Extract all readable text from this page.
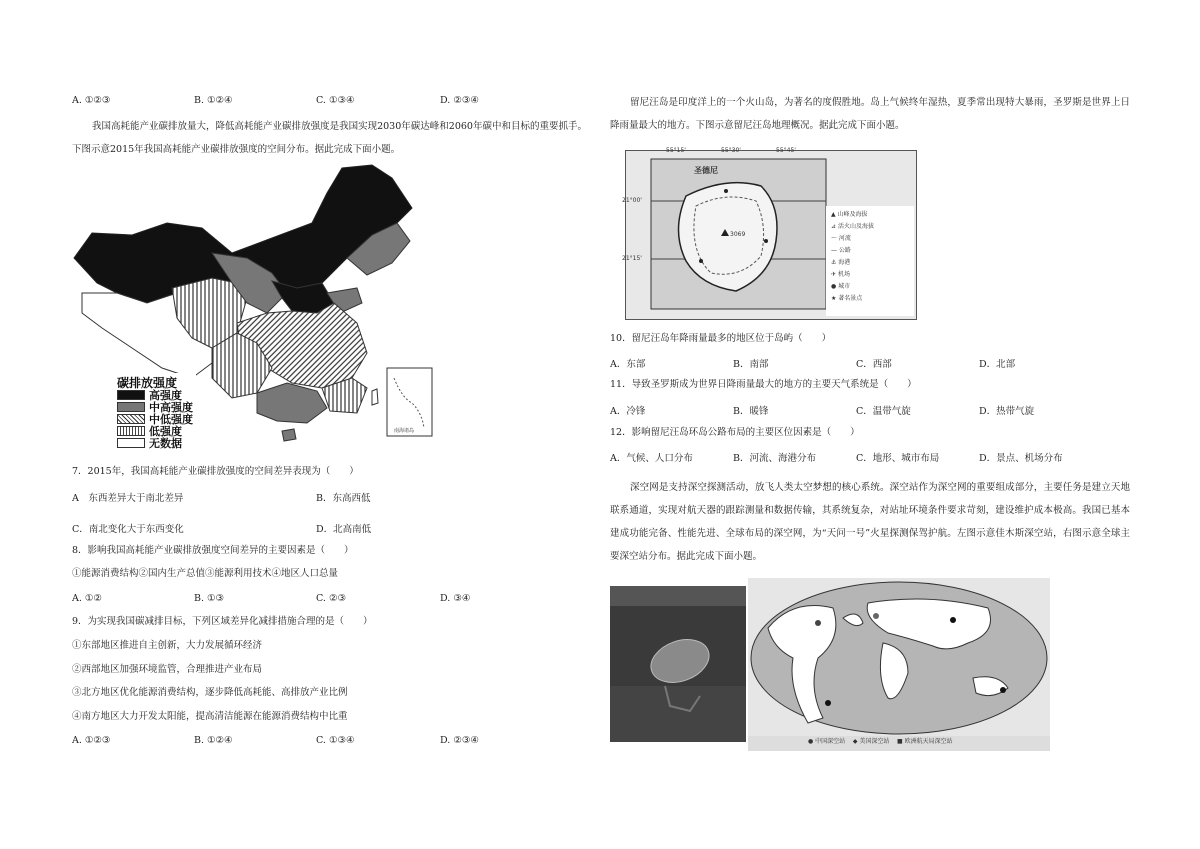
A. ①②③	B. ①②④	C. ①③④	D. ②③④
我国高耗能产业碳排放量大，降低高耗能产业碳排放强度是我国实现2030年碳达峰和2060年碳中和目标的重要抓手。下图示意2015年我国高耗能产业碳排放强度的空间分布。据此完成下面小题。
南海诸岛
碳排放强度
高强度
中高强度
中低强度
低强度
无数据
7．2015年，我国高耗能产业碳排放强度的空间差异表现为（　　）
A　东西差异大于南北差异	B．东高西低
C．南北变化大于东西变化	D．北高南低
8．影响我国高耗能产业碳排放强度空间差异的主要因素是（　　）
①能源消费结构②国内生产总值③能源利用技术④地区人口总量
A. ①②	B. ①③	C. ②③	D. ③④
9．为实现我国碳减排目标，下列区域差异化减排措施合理的是（　　）
①东部地区推进自主创新，大力发展循环经济
②西部地区加强环境监管，合理推进产业布局
③北方地区优化能源消费结构，逐步降低高耗能、高排放产业比例
④南方地区大力开发太阳能，提高清洁能源在能源消费结构中比重
A. ①②③	B. ①②④	C. ①③④	D. ②③④
留尼汪岛是印度洋上的一个火山岛，为著名的度假胜地。岛上气候终年湿热，夏季常出现特大暴雨，圣罗斯是世界上日降雨量最大的地方。下图示意留尼汪岛地理概况。据此完成下面小题。
55°15'	55°30'	55°45'
21°00'
21°15'
圣德尼
3069
▲ 山峰及海拔
⊿ 活火山及海拔
～ 河流
— 公路
⚓ 海港
✈ 机场
● 城市
★ 著名景点
10．留尼汪岛年降雨量最多的地区位于岛屿（　　）
A．东部	B．南部	C．西部	D．北部
11．导致圣罗斯成为世界日降雨量最大的地方的主要天气系统是（　　）
A．冷锋	B．暖锋	C．温带气旋	D．热带气旋
12．影响留尼汪岛环岛公路布局的主要区位因素是（　　）
A．气候、人口分布	B．河流、海港分布	C．地形、城市布局	D．景点、机场分布
深空网是支持深空探测活动，放飞人类太空梦想的核心系统。深空站作为深空网的重要组成部分，主要任务是建立天地联系通道，实现对航天器的跟踪测量和数据传输，其系统复杂，对站址环境条件要求苛刻，建设维护成本极高。我国已基本建成功能完备、性能先进、全球布局的深空网，为“天问一号”火星探测保驾护航。左图示意佳木斯深空站，右图示意全球主要深空站分布。据此完成下面小题。
● 中国深空站 ◆ 美国深空站 ■ 欧洲航天局深空站
